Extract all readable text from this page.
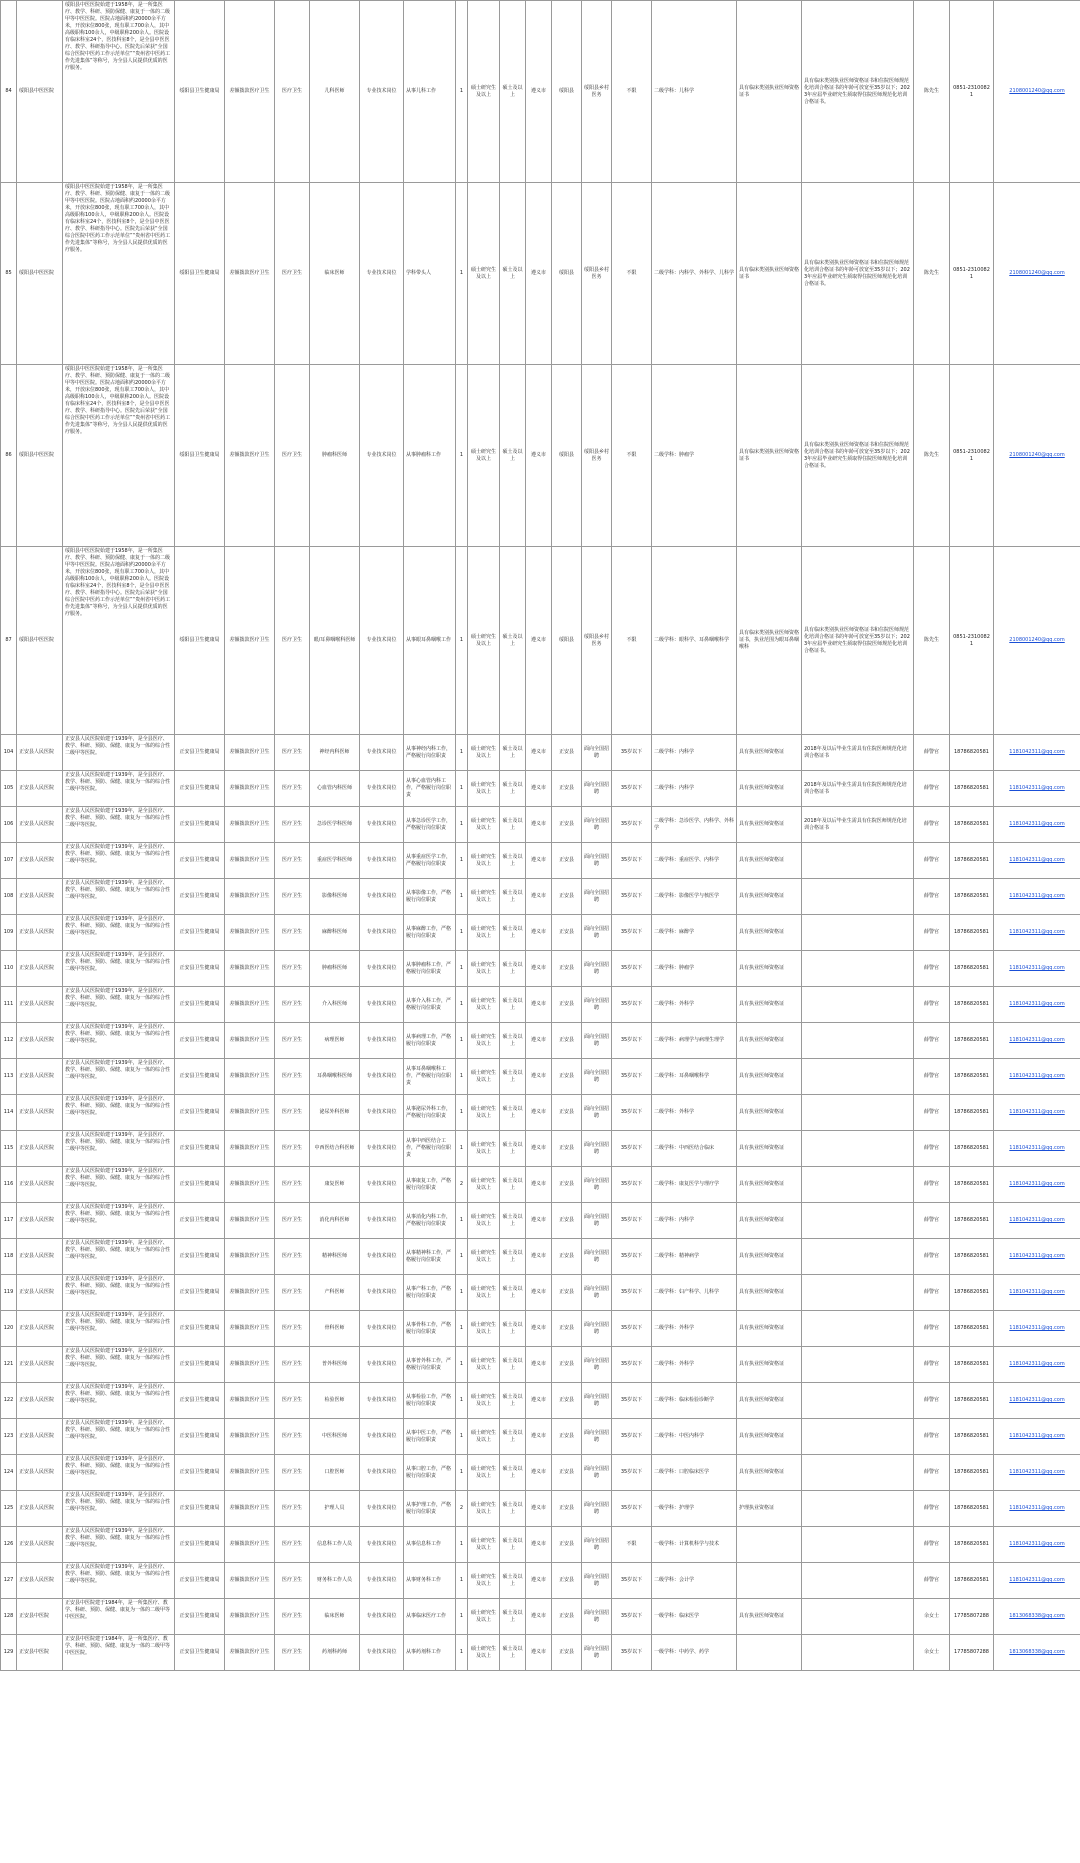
84	绥阳县中医医院	绥阳县中医医院始建于1958年，是一所集医疗、教学、科研、预防保健、康复于一体的二级甲等中医医院。医院占地面积约20000余平方米，开放床位800张，现有职工700余人，其中高级职称100余人，中级职称200余人。医院设有临床科室24个，医技科室8个，是全县中医医疗、教学、科研指导中心。医院先后荣获“全国综合医院中医药工作示范单位”“贵州省中医药工作先进集体”等称号，为全县人民提供优质的医疗服务。	绥阳县卫生健康局	差额拨款医疗卫生	医疗卫生	儿科医师	专业技术岗位	从事儿科工作	1	硕士研究生及以上	硕士及以上	遵义市	绥阳县	绥阳县乡村医务	不限	二级学科：儿科学	具有临床类别执业医师资格证书	具有临床类别执业医师资格证书和住院医师规范化培训合格证书的年龄可放宽至35岁以下；2023年应届毕业研究生须取得住院医师规范化培训合格证书。	陈先生	0851-23100821	2108001240@qq.com
85	绥阳县中医医院	绥阳县中医医院始建于1958年，是一所集医疗、教学、科研、预防保健、康复于一体的二级甲等中医医院。医院占地面积约20000余平方米，开放床位800张，现有职工700余人，其中高级职称100余人，中级职称200余人。医院设有临床科室24个，医技科室8个，是全县中医医疗、教学、科研指导中心。医院先后荣获“全国综合医院中医药工作示范单位”“贵州省中医药工作先进集体”等称号，为全县人民提供优质的医疗服务。	绥阳县卫生健康局	差额拨款医疗卫生	医疗卫生	临床医师	专业技术岗位	学科带头人	1	硕士研究生及以上	硕士及以上	遵义市	绥阳县	绥阳县乡村医务	不限	二级学科：内科学、外科学、儿科学	具有临床类别执业医师资格证书	具有临床类别执业医师资格证书和住院医师规范化培训合格证书的年龄可放宽至35岁以下；2023年应届毕业研究生须取得住院医师规范化培训合格证书。	陈先生	0851-23100821	2108001240@qq.com
86	绥阳县中医医院	绥阳县中医医院始建于1958年，是一所集医疗、教学、科研、预防保健、康复于一体的二级甲等中医医院。医院占地面积约20000余平方米，开放床位800张，现有职工700余人，其中高级职称100余人，中级职称200余人。医院设有临床科室24个，医技科室8个，是全县中医医疗、教学、科研指导中心。医院先后荣获“全国综合医院中医药工作示范单位”“贵州省中医药工作先进集体”等称号，为全县人民提供优质的医疗服务。	绥阳县卫生健康局	差额拨款医疗卫生	医疗卫生	肿瘤科医师	专业技术岗位	从事肿瘤科工作	1	硕士研究生及以上	硕士及以上	遵义市	绥阳县	绥阳县乡村医务	不限	二级学科：肿瘤学	具有临床类别执业医师资格证书	具有临床类别执业医师资格证书和住院医师规范化培训合格证书的年龄可放宽至35岁以下；2023年应届毕业研究生须取得住院医师规范化培训合格证书。	陈先生	0851-23100821	2108001240@qq.com
87	绥阳县中医医院	绥阳县中医医院始建于1958年，是一所集医疗、教学、科研、预防保健、康复于一体的二级甲等中医医院。医院占地面积约20000余平方米，开放床位800张，现有职工700余人，其中高级职称100余人，中级职称200余人。医院设有临床科室24个，医技科室8个，是全县中医医疗、教学、科研指导中心。医院先后荣获“全国综合医院中医药工作示范单位”“贵州省中医药工作先进集体”等称号，为全县人民提供优质的医疗服务。	绥阳县卫生健康局	差额拨款医疗卫生	医疗卫生	眼/耳鼻咽喉科医师	专业技术岗位	从事眼耳鼻咽喉工作	1	硕士研究生及以上	硕士及以上	遵义市	绥阳县	绥阳县乡村医务	不限	二级学科：眼科学、耳鼻咽喉科学	具有临床类别执业医师资格证书，执业范围为眼耳鼻咽喉科	具有临床类别执业医师资格证书和住院医师规范化培训合格证书的年龄可放宽至35岁以下；2023年应届毕业研究生须取得住院医师规范化培训合格证书。	陈先生	0851-23100821	2108001240@qq.com
104	正安县人民医院	正安县人民医院始建于1939年，是全县医疗、教学、科研、预防、保健、康复为一体的综合性二级甲等医院。	正安县卫生健康局	差额拨款医疗卫生	医疗卫生	神经内科医师	专业技术岗位	从事神经内科工作，严格履行岗位职责	1	硕士研究生及以上	硕士及以上	遵义市	正安县	面向全国招聘	35岁以下	二级学科：内科学	具有执业医师资格证	2018年及以后毕业生需具有住院医师规范化培训合格证书	薛警官	18786820581	1181042311@qq.com
105	正安县人民医院	正安县人民医院始建于1939年，是全县医疗、教学、科研、预防、保健、康复为一体的综合性二级甲等医院。	正安县卫生健康局	差额拨款医疗卫生	医疗卫生	心血管内科医师	专业技术岗位	从事心血管内科工作，严格履行岗位职责	1	硕士研究生及以上	硕士及以上	遵义市	正安县	面向全国招聘	35岁以下	二级学科：内科学	具有执业医师资格证	2018年及以后毕业生需具有住院医师规范化培训合格证书	薛警官	18786820581	1181042311@qq.com
106	正安县人民医院	正安县人民医院始建于1939年，是全县医疗、教学、科研、预防、保健、康复为一体的综合性二级甲等医院。	正安县卫生健康局	差额拨款医疗卫生	医疗卫生	急诊医学科医师	专业技术岗位	从事急诊医学工作，严格履行岗位职责	1	硕士研究生及以上	硕士及以上	遵义市	正安县	面向全国招聘	35岁以下	二级学科：急诊医学、内科学、外科学	具有执业医师资格证	2018年及以后毕业生需具有住院医师规范化培训合格证书	薛警官	18786820581	1181042311@qq.com
107	正安县人民医院	正安县人民医院始建于1939年，是全县医疗、教学、科研、预防、保健、康复为一体的综合性二级甲等医院。	正安县卫生健康局	差额拨款医疗卫生	医疗卫生	重症医学科医师	专业技术岗位	从事重症医学工作，严格履行岗位职责	1	硕士研究生及以上	硕士及以上	遵义市	正安县	面向全国招聘	35岁以下	二级学科：重症医学、内科学	具有执业医师资格证		薛警官	18786820581	1181042311@qq.com
108	正安县人民医院	正安县人民医院始建于1939年，是全县医疗、教学、科研、预防、保健、康复为一体的综合性二级甲等医院。	正安县卫生健康局	差额拨款医疗卫生	医疗卫生	影像科医师	专业技术岗位	从事影像工作，严格履行岗位职责	1	硕士研究生及以上	硕士及以上	遵义市	正安县	面向全国招聘	35岁以下	二级学科：影像医学与核医学	具有执业医师资格证		薛警官	18786820581	1181042311@qq.com
109	正安县人民医院	正安县人民医院始建于1939年，是全县医疗、教学、科研、预防、保健、康复为一体的综合性二级甲等医院。	正安县卫生健康局	差额拨款医疗卫生	医疗卫生	麻醉科医师	专业技术岗位	从事麻醉工作，严格履行岗位职责	1	硕士研究生及以上	硕士及以上	遵义市	正安县	面向全国招聘	35岁以下	二级学科：麻醉学	具有执业医师资格证		薛警官	18786820581	1181042311@qq.com
110	正安县人民医院	正安县人民医院始建于1939年，是全县医疗、教学、科研、预防、保健、康复为一体的综合性二级甲等医院。	正安县卫生健康局	差额拨款医疗卫生	医疗卫生	肿瘤科医师	专业技术岗位	从事肿瘤科工作，严格履行岗位职责	1	硕士研究生及以上	硕士及以上	遵义市	正安县	面向全国招聘	35岁以下	二级学科：肿瘤学	具有执业医师资格证		薛警官	18786820581	1181042311@qq.com
111	正安县人民医院	正安县人民医院始建于1939年，是全县医疗、教学、科研、预防、保健、康复为一体的综合性二级甲等医院。	正安县卫生健康局	差额拨款医疗卫生	医疗卫生	介入科医师	专业技术岗位	从事介入科工作，严格履行岗位职责	1	硕士研究生及以上	硕士及以上	遵义市	正安县	面向全国招聘	35岁以下	二级学科：外科学	具有执业医师资格证		薛警官	18786820581	1181042311@qq.com
112	正安县人民医院	正安县人民医院始建于1939年，是全县医疗、教学、科研、预防、保健、康复为一体的综合性二级甲等医院。	正安县卫生健康局	差额拨款医疗卫生	医疗卫生	病理医师	专业技术岗位	从事病理工作，严格履行岗位职责	1	硕士研究生及以上	硕士及以上	遵义市	正安县	面向全国招聘	35岁以下	二级学科：病理学与病理生理学	具有执业医师资格证		薛警官	18786820581	1181042311@qq.com
113	正安县人民医院	正安县人民医院始建于1939年，是全县医疗、教学、科研、预防、保健、康复为一体的综合性二级甲等医院。	正安县卫生健康局	差额拨款医疗卫生	医疗卫生	耳鼻咽喉科医师	专业技术岗位	从事耳鼻咽喉科工作，严格履行岗位职责	1	硕士研究生及以上	硕士及以上	遵义市	正安县	面向全国招聘	35岁以下	二级学科：耳鼻咽喉科学	具有执业医师资格证		薛警官	18786820581	1181042311@qq.com
114	正安县人民医院	正安县人民医院始建于1939年，是全县医疗、教学、科研、预防、保健、康复为一体的综合性二级甲等医院。	正安县卫生健康局	差额拨款医疗卫生	医疗卫生	泌尿外科医师	专业技术岗位	从事泌尿外科工作，严格履行岗位职责	1	硕士研究生及以上	硕士及以上	遵义市	正安县	面向全国招聘	35岁以下	二级学科：外科学	具有执业医师资格证		薛警官	18786820581	1181042311@qq.com
115	正安县人民医院	正安县人民医院始建于1939年，是全县医疗、教学、科研、预防、保健、康复为一体的综合性二级甲等医院。	正安县卫生健康局	差额拨款医疗卫生	医疗卫生	中西医结合科医师	专业技术岗位	从事中西医结合工作，严格履行岗位职责	1	硕士研究生及以上	硕士及以上	遵义市	正安县	面向全国招聘	35岁以下	二级学科：中西医结合临床	具有执业医师资格证		薛警官	18786820581	1181042311@qq.com
116	正安县人民医院	正安县人民医院始建于1939年，是全县医疗、教学、科研、预防、保健、康复为一体的综合性二级甲等医院。	正安县卫生健康局	差额拨款医疗卫生	医疗卫生	康复医师	专业技术岗位	从事康复工作，严格履行岗位职责	2	硕士研究生及以上	硕士及以上	遵义市	正安县	面向全国招聘	35岁以下	二级学科：康复医学与理疗学	具有执业医师资格证		薛警官	18786820581	1181042311@qq.com
117	正安县人民医院	正安县人民医院始建于1939年，是全县医疗、教学、科研、预防、保健、康复为一体的综合性二级甲等医院。	正安县卫生健康局	差额拨款医疗卫生	医疗卫生	消化内科医师	专业技术岗位	从事消化内科工作，严格履行岗位职责	1	硕士研究生及以上	硕士及以上	遵义市	正安县	面向全国招聘	35岁以下	二级学科：内科学	具有执业医师资格证		薛警官	18786820581	1181042311@qq.com
118	正安县人民医院	正安县人民医院始建于1939年，是全县医疗、教学、科研、预防、保健、康复为一体的综合性二级甲等医院。	正安县卫生健康局	差额拨款医疗卫生	医疗卫生	精神科医师	专业技术岗位	从事精神科工作，严格履行岗位职责	1	硕士研究生及以上	硕士及以上	遵义市	正安县	面向全国招聘	35岁以下	二级学科：精神病学	具有执业医师资格证		薛警官	18786820581	1181042311@qq.com
119	正安县人民医院	正安县人民医院始建于1939年，是全县医疗、教学、科研、预防、保健、康复为一体的综合性二级甲等医院。	正安县卫生健康局	差额拨款医疗卫生	医疗卫生	产科医师	专业技术岗位	从事产科工作，严格履行岗位职责	1	硕士研究生及以上	硕士及以上	遵义市	正安县	面向全国招聘	35岁以下	二级学科：妇产科学、儿科学	具有执业医师资格证		薛警官	18786820581	1181042311@qq.com
120	正安县人民医院	正安县人民医院始建于1939年，是全县医疗、教学、科研、预防、保健、康复为一体的综合性二级甲等医院。	正安县卫生健康局	差额拨款医疗卫生	医疗卫生	骨科医师	专业技术岗位	从事骨科工作，严格履行岗位职责	1	硕士研究生及以上	硕士及以上	遵义市	正安县	面向全国招聘	35岁以下	二级学科：外科学	具有执业医师资格证		薛警官	18786820581	1181042311@qq.com
121	正安县人民医院	正安县人民医院始建于1939年，是全县医疗、教学、科研、预防、保健、康复为一体的综合性二级甲等医院。	正安县卫生健康局	差额拨款医疗卫生	医疗卫生	普外科医师	专业技术岗位	从事普外科工作，严格履行岗位职责	1	硕士研究生及以上	硕士及以上	遵义市	正安县	面向全国招聘	35岁以下	二级学科：外科学	具有执业医师资格证		薛警官	18786820581	1181042311@qq.com
122	正安县人民医院	正安县人民医院始建于1939年，是全县医疗、教学、科研、预防、保健、康复为一体的综合性二级甲等医院。	正安县卫生健康局	差额拨款医疗卫生	医疗卫生	检验医师	专业技术岗位	从事检验工作，严格履行岗位职责	1	硕士研究生及以上	硕士及以上	遵义市	正安县	面向全国招聘	35岁以下	二级学科：临床检验诊断学	具有执业医师资格证		薛警官	18786820581	1181042311@qq.com
123	正安县人民医院	正安县人民医院始建于1939年，是全县医疗、教学、科研、预防、保健、康复为一体的综合性二级甲等医院。	正安县卫生健康局	差额拨款医疗卫生	医疗卫生	中医科医师	专业技术岗位	从事中医工作，严格履行岗位职责	1	硕士研究生及以上	硕士及以上	遵义市	正安县	面向全国招聘	35岁以下	二级学科：中医内科学	具有执业医师资格证		薛警官	18786820581	1181042311@qq.com
124	正安县人民医院	正安县人民医院始建于1939年，是全县医疗、教学、科研、预防、保健、康复为一体的综合性二级甲等医院。	正安县卫生健康局	差额拨款医疗卫生	医疗卫生	口腔医师	专业技术岗位	从事口腔工作，严格履行岗位职责	1	硕士研究生及以上	硕士及以上	遵义市	正安县	面向全国招聘	35岁以下	二级学科：口腔临床医学	具有执业医师资格证		薛警官	18786820581	1181042311@qq.com
125	正安县人民医院	正安县人民医院始建于1939年，是全县医疗、教学、科研、预防、保健、康复为一体的综合性二级甲等医院。	正安县卫生健康局	差额拨款医疗卫生	医疗卫生	护理人员	专业技术岗位	从事护理工作，严格履行岗位职责	2	硕士研究生及以上	硕士及以上	遵义市	正安县	面向全国招聘	35岁以下	一级学科：护理学	护理执业资格证		薛警官	18786820581	1181042311@qq.com
126	正安县人民医院	正安县人民医院始建于1939年，是全县医疗、教学、科研、预防、保健、康复为一体的综合性二级甲等医院。	正安县卫生健康局	差额拨款医疗卫生	医疗卫生	信息科工作人员	专业技术岗位	从事信息科工作	1	硕士研究生及以上	硕士及以上	遵义市	正安县	面向全国招聘	不限	一级学科：计算机科学与技术			薛警官	18786820581	1181042311@qq.com
127	正安县人民医院	正安县人民医院始建于1939年，是全县医疗、教学、科研、预防、保健、康复为一体的综合性二级甲等医院。	正安县卫生健康局	差额拨款医疗卫生	医疗卫生	财务科工作人员	专业技术岗位	从事财务科工作	1	硕士研究生及以上	硕士及以上	遵义市	正安县	面向全国招聘	35岁以下	二级学科：会计学			薛警官	18786820581	1181042311@qq.com
128	正安县中医院	正安县中医院建于1984年，是一所集医疗、教学、科研、预防、保健、康复为一体的二级甲等中医医院。	正安县卫生健康局	差额拨款医疗卫生	医疗卫生	临床医师	专业技术岗位	从事临床医疗工作	1	硕士研究生及以上	硕士及以上	遵义市	正安县	面向全国招聘	35岁以下	一级学科：临床医学	具有执业医师资格证		余女士	17785807288	1813068338@qq.com
129	正安县中医院	正安县中医院建于1984年，是一所集医疗、教学、科研、预防、保健、康复为一体的二级甲等中医医院。	正安县卫生健康局	差额拨款医疗卫生	医疗卫生	药剂科药师	专业技术岗位	从事药剂科工作	1	硕士研究生及以上	硕士及以上	遵义市	正安县	面向全国招聘	35岁以下	一级学科：中药学、药学			余女士	17785807288	1813068338@qq.com
